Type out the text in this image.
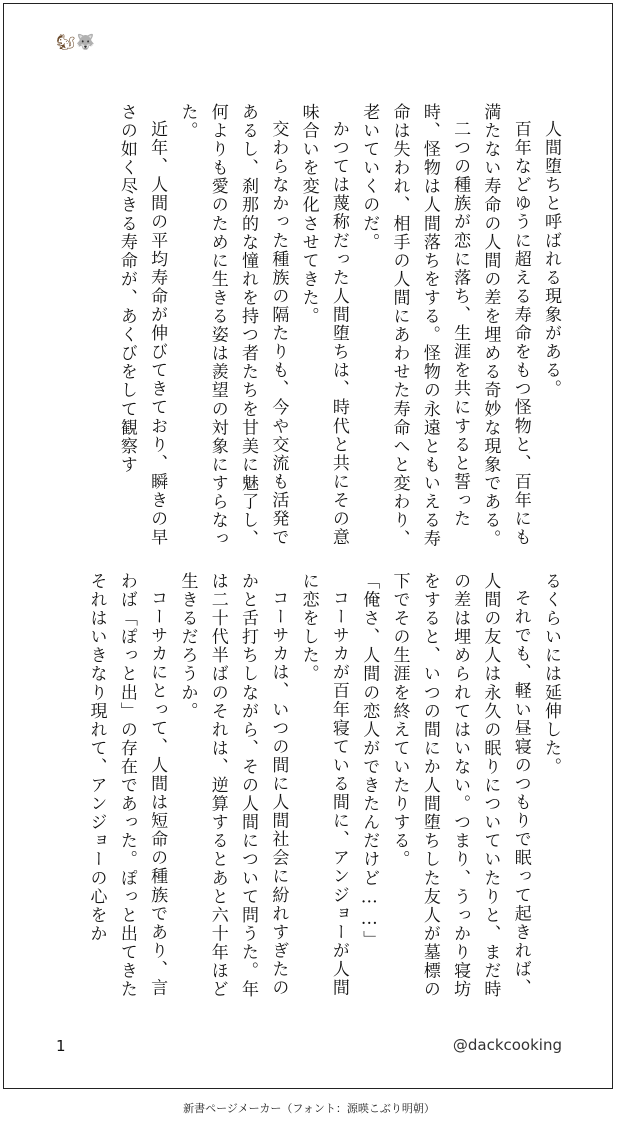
🐿🐺

人間堕ちと呼ばれる現象がある。

百年などゆうに超える寿命をもつ怪物と、百年にも満たない寿命の人間の差を埋める奇妙な現象である。

二つの種族が恋に落ち、生涯を共にすると誓った時、怪物は人間落ちをする。怪物の永遠ともいえる寿命は失われ、相手の人間にあわせた寿命へと変わり、老いていくのだ。

かつては蔑称だった人間堕ちは、時代と共にその意味合いを変化させてきた。

交わらなかった種族の隔たりも、今や交流も活発であるし、刹那的な憧れを持つ者たちを甘美に魅了し、何よりも愛のために生きる姿は羨望の対象にすらなった。

近年、人間の平均寿命が伸びてきており、瞬きの早さの如く尽きる寿命が、あくびをして観察す

るくらいには延伸した。

それでも、軽い昼寝のつもりで眠って起きれば、人間の友人は永久の眠りについていたりと、まだ時の差は埋められてはいない。つまり、うっかり寝坊をすると、いつの間にか人間堕ちした友人が墓標の下でその生涯を終えていたりする。

「俺さ、人間の恋人ができたんだけど……」

コーサカが百年寝ている間に、アンジョーが人間に恋をした。

コーサカは、いつの間に人間社会に紛れすぎたのかと舌打ちしながら、その人間について問うた。年は二十代半ばのそれは、逆算するとあと六十年ほど生きるだろうか。

コーサカにとって、人間は短命の種族であり、言わば「ぽっと出」の存在であった。ぽっと出てきたそれはいきなり現れて、アンジョーの心をか

1	@dackcooking
新書ページメーカー（フォント：源暎こぶり明朝）
